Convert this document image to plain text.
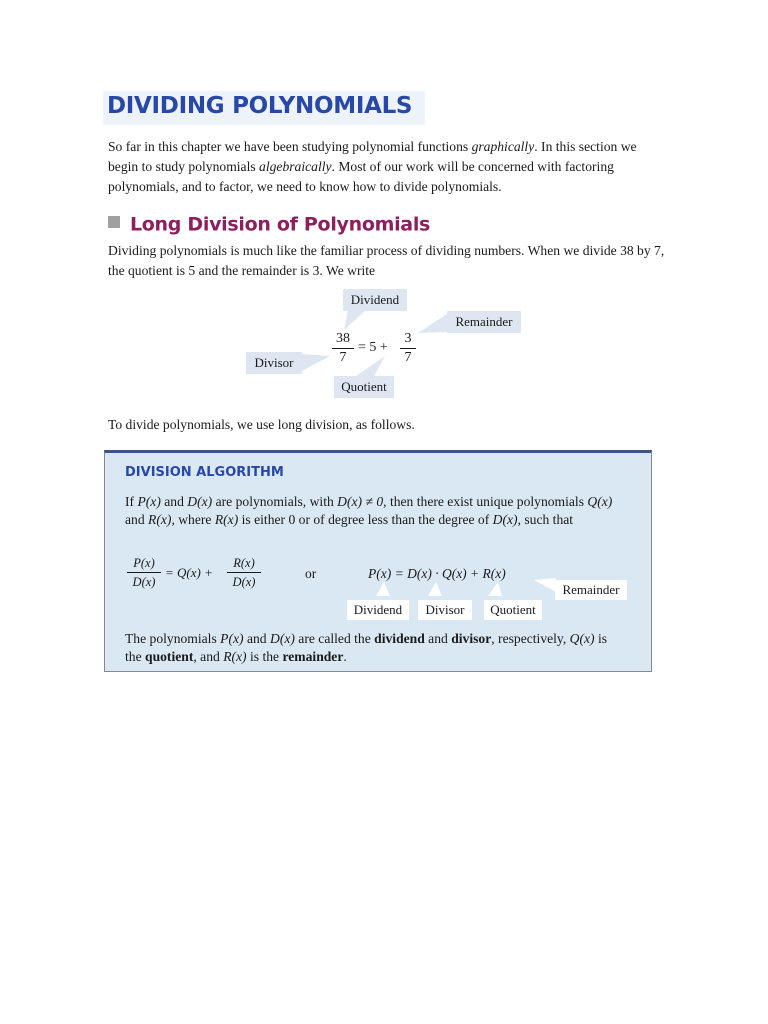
DIVIDING POLYNOMIALS

So far in this chapter we have been studying polynomial functions graphically. In this section we begin to study polynomials algebraically. Most of our work will be concerned with factoring polynomials, and to factor, we need to know how to divide polynomials.

Long Division of Polynomials

Dividing polynomials is much like the familiar process of dividing numbers. When we divide 38 by 7, the quotient is 5 and the remainder is 3. We write

Dividend
Remainder
Divisor
Quotient
38
7
= 5 +
3
7

To divide polynomials, we use long division, as follows.

DIVISION ALGORITHM

If P(x) and D(x) are polynomials, with D(x) ≠ 0, then there exist unique polynomials Q(x) and R(x), where R(x) is either 0 or of degree less than the degree of D(x), such that

P(x)
D(x)
= Q(x) +
R(x)
D(x)
or	P(x) = D(x) · Q(x) + R(x)
Remainder
Dividend	Divisor	Quotient

The polynomials P(x) and D(x) are called the dividend and divisor, respectively, Q(x) is the quotient, and R(x) is the remainder.
